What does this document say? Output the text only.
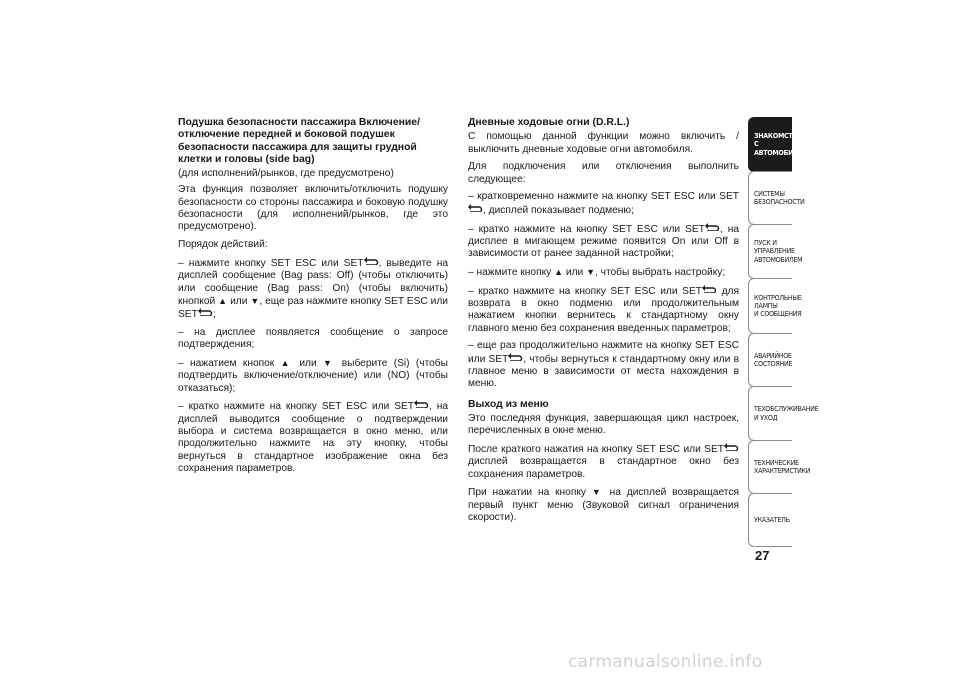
Подушка безопасности пассажира Включение/ отключение передней и боковой подушек безопасности пассажира для защиты грудной клетки и головы (side bag)

(для исполнений/рынков, где предусмотрено)

Эта функция позволяет включить/отключить подушку безопасности со стороны пассажира и боковую подушку безопасности (для исполнений/рынков, где это предусмотрено).

Порядок действий:

– нажмите кнопку SET ESC или SET , выведите на дисплей сообщение (Bag pass: Off) (чтобы отключить) или сообщение (Bag pass: On) (чтобы включить) кнопкой ▲ или ▼, еще раз нажмите кнопку SET ESC или SET ;

– на дисплее появляется сообщение о запросе подтверждения;

– нажатием кнопок ▲ или ▼ выберите (Si) (чтобы подтвердить включение/отключение) или (NO) (чтобы отказаться);

– кратко нажмите на кнопку SET ESC или SET , на дисплей выводится сообщение о подтверждении выбора и система возвращается в окно меню, или продолжительно нажмите на эту кнопку, чтобы вернуться в стандартное изображение окна без сохранения параметров.

Дневные ходовые огни (D.R.L.)

С помощью данной функции можно включить / выключить дневные ходовые огни автомобиля.

Для подключения или отключения выполнить следующее:

– кратковременно нажмите на кнопку SET ESC или SET, дисплей показывает подменю;

– кратко нажмите на кнопку SET ESC или SET , на дисплее в мигающем режиме появится On или Off в зависимости от ранее заданной настройки;

– нажмите кнопку ▲ или ▼, чтобы выбрать настройку;

– кратко нажмите на кнопку SET ESC или SET для возврата в окно подменю или продолжительным нажатием кнопки вернитесь к стандартному окну главного меню без сохранения введенных параметров;

– еще раз продолжительно нажмите на кнопку SET ESC или SET , чтобы вернуться к стандартному окну или в главное меню в зависимости от места нахождения в меню.

Выход из меню

Это последняя функция, завершающая цикл настроек, перечисленных в окне меню.

После краткого нажатия на кнопку SET ESC или SET дисплей возвращается в стандартное окно без сохранения параметров.

При нажатии на кнопку ▼ на дисплей возвращается первый пункт меню (Звуковой сигнал ограничения скорости).

ЗНАКОМСТВО С
АВТОМОБИЛЕМ
СИСТЕМЫ
БЕЗОПАСНОСТИ
ПУСК И УПРАВЛЕНИЕ
АВТОМОБИЛЕМ
КОНТРОЛЬНЫЕ
ЛАМПЫ
И СООБЩЕНИЯ
АВАРИЙНОЕ
СОСТОЯНИЕ
ТЕХОБСЛУЖИВАНИЕ
И УХОД
ТЕХНИЧЕСКИЕ
ХАРАКТЕРИСТИКИ
УКАЗАТЕЛЬ
27
carmanualsonline.info
